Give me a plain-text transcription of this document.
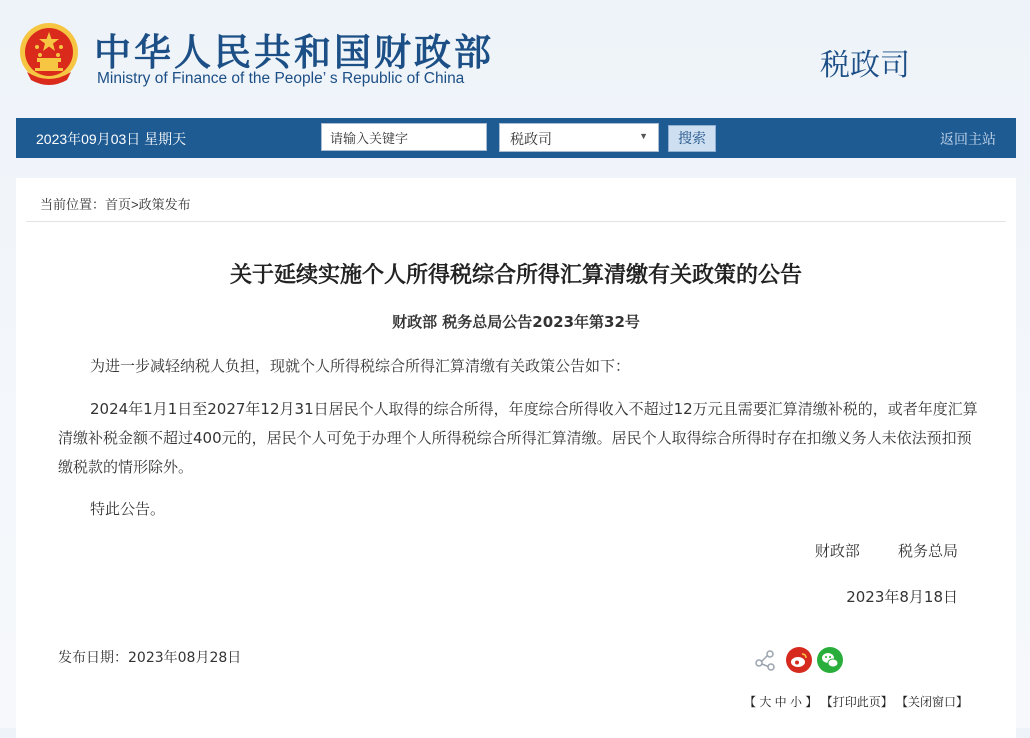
中华人民共和国财政部
Ministry of Finance of the People’ s Republic of China	税政司
2023年09月03日 星期天
请输入关键字	税政司	▼	搜索	返回主站
当前位置：首页>政策发布
关于延续实施个人所得税综合所得汇算清缴有关政策的公告
财政部 税务总局公告2023年第32号
为进一步减轻纳税人负担，现就个人所得税综合所得汇算清缴有关政策公告如下：
2024年1月1日至2027年12月31日居民个人取得的综合所得，年度综合所得收入不超过12万元且需要汇算清缴补税的，或者年度汇算清缴补税金额不超过400元的，居民个人可免于办理个人所得税综合所得汇算清缴。居民个人取得综合所得时存在扣缴义务人未依法预扣预缴税款的情形除外。
特此公告。
财政部        税务总局
2023年8月18日
发布日期：2023年08月28日
【 大 中 小 】 【打印此页】 【关闭窗口】
